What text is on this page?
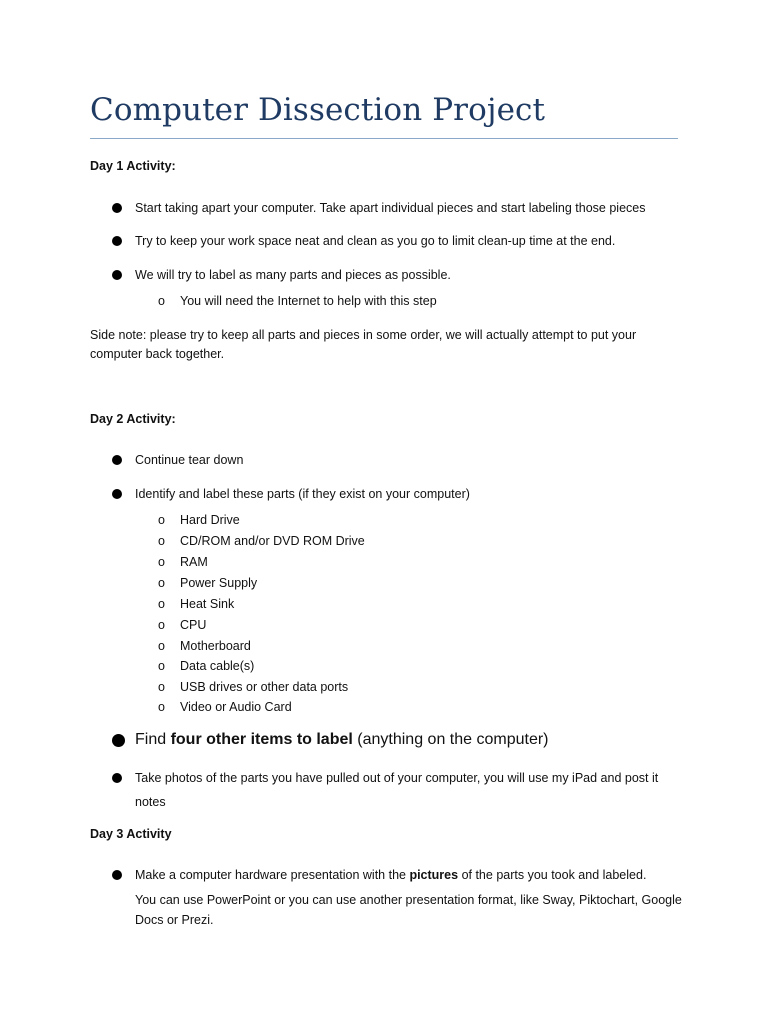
Computer Dissection Project
Day 1 Activity:
Start taking apart your computer. Take apart individual pieces and start labeling those pieces
Try to keep your work space neat and clean as you go to limit clean-up time at the end.
We will try to label as many parts and pieces as possible.
o You will need the Internet to help with this step
Side note: please try to keep all parts and pieces in some order, we will actually attempt to put your computer back together.
Day 2 Activity:
Continue tear down
Identify and label these parts (if they exist on your computer)
o Hard Drive
o CD/ROM and/or DVD ROM Drive
o RAM
o Power Supply
o Heat Sink
o CPU
o Motherboard
o Data cable(s)
o USB drives or other data ports
o Video or Audio Card
Find four other items to label (anything on the computer)
Take photos of the parts you have pulled out of your computer, you will use my iPad and post it notes
Day 3 Activity
Make a computer hardware presentation with the pictures of the parts you took and labeled.
You can use PowerPoint or you can use another presentation format, like Sway, Piktochart, Google Docs or Prezi.
